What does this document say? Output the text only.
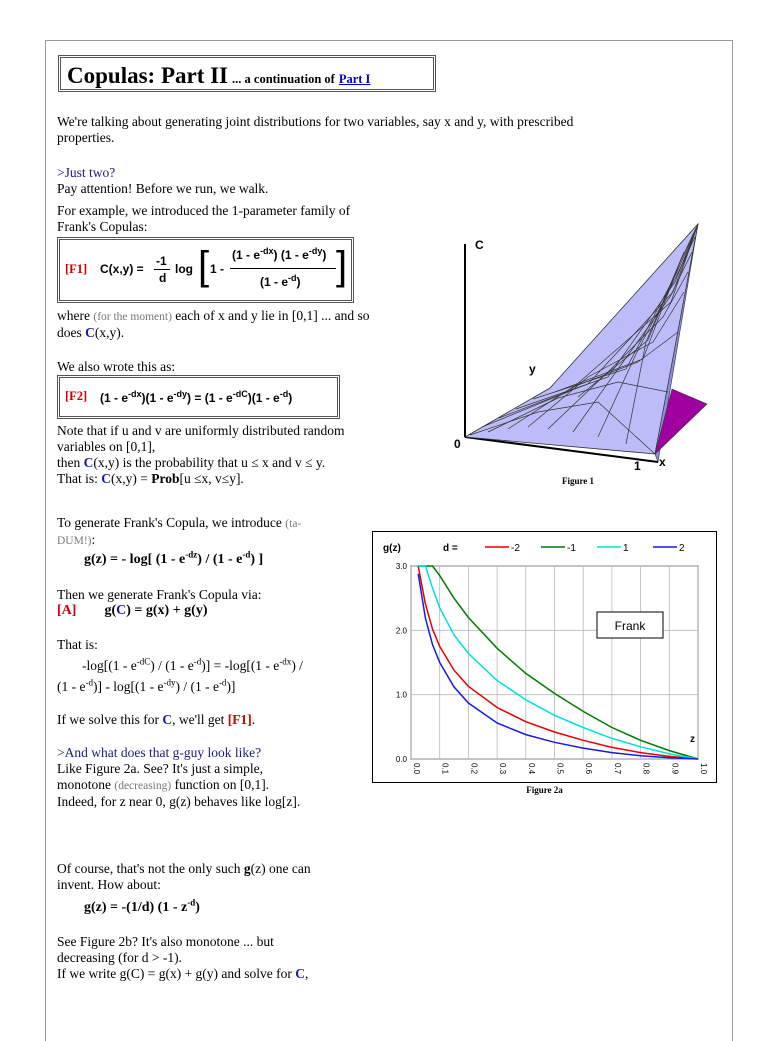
Copulas: Part II ... a continuation of Part I
We're talking about generating joint distributions for two variables, say x and y, with prescribed
properties.
>Just two?
Pay attention! Before we run, we walk.
For example, we introduced the 1-parameter family of
Frank's Copulas:
[F1] C(x,y) =
-1
d
log [ 1 -
$(1 - e^{-dx})$ $(1 - e^{-dy})$
$(1 - e^{-d})$ ]
where (for the moment) each of x and y lie in [0,1] ... and so
does C(x,y).
We also wrote this as:
[F2] $(1 - e^{-dx})(1 - e^{-dy}) = (1 - e^{-dC})(1 - e^{-d})$
Note that if u and v are uniformly distributed random
variables on [0,1],
then C(x,y) is the probability that u ≤ x and v ≤ y.
That is: C(x,y) = Prob[u ≤x, v≤y].
C
y
0
1 x
Figure 1
To generate Frank's Copula, we introduce (ta-
DUM!):
g(z) = - log[ $(1 - e^{-dz}) / (1 - e^{-d})$ ]
Then we generate Frank's Copula via:
[A] g(C) = g(x) + g(y)
That is:
$-\log[(1 - e^{-dC}) / (1 - e^{-d})] = -\log[(1 - e^{-dx})$ /
$(1 - e^{-d})] - \log[(1 - e^{-dy}) / (1 - e^{-d})]$
If we solve this for C, we'll get [F1].
>And what does that g-guy look like?
Like Figure 2a. See? It's just a simple,
monotone (decreasing) function on [0,1].
Indeed, for z near 0, g(z) behaves like log[z].
Of course, that's not the only such g(z) one can
invent. How about:
g(z) = -(1/d) $(1 - z^{-d})$
See Figure 2b? It's also monotone ... but
decreasing (for d > -1).
If we write g(C) = g(x) + g(y) and solve for C,
0.0 0.1 0.2 0.3 0.4 0.5 0.6 0.7 0.8 0.9 1.0
0.0
1.0
2.0
3.0
g(z)	d =	-2	-1	1	2
Frank
z
Figure 2a
